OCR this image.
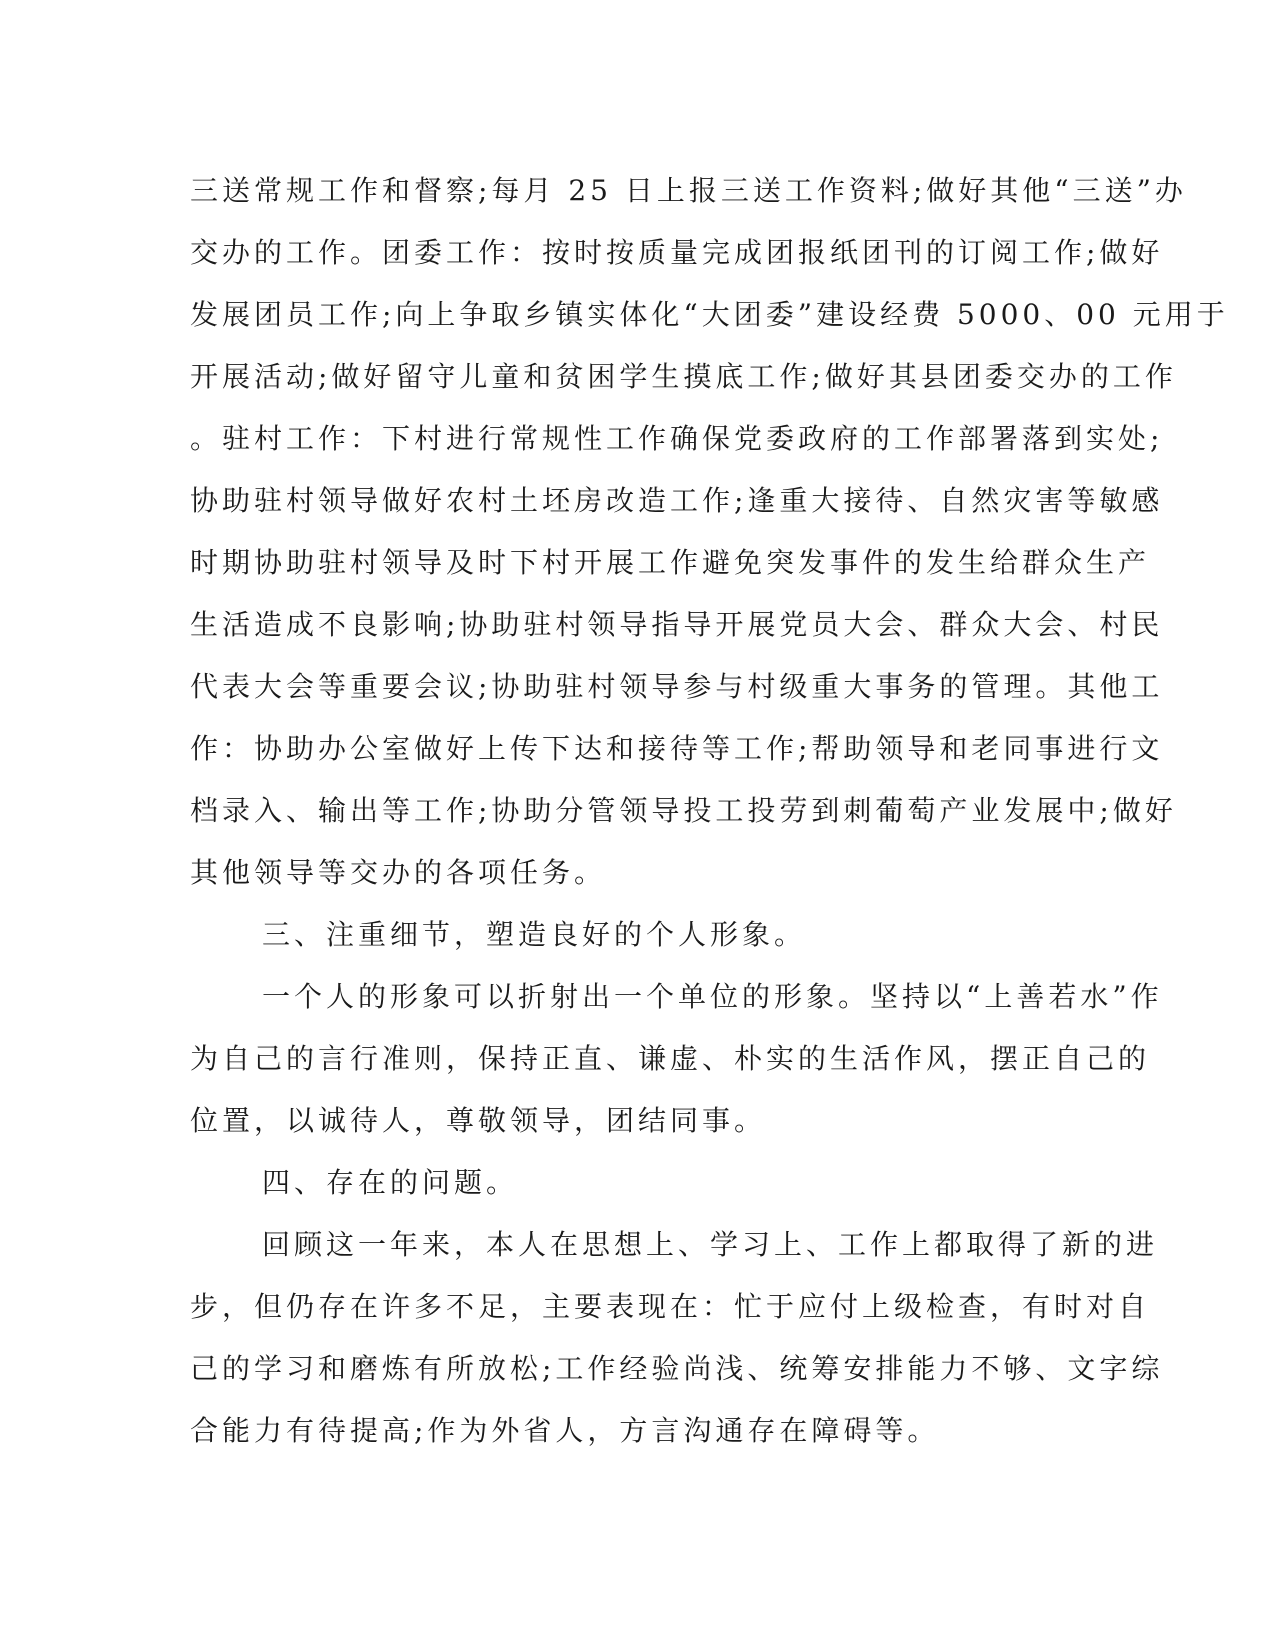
三送常规工作和督察;每月 25 日上报三送工作资料;做好其他“三送”办
交办的工作。团委工作：按时按质量完成团报纸团刊的订阅工作;做好
发展团员工作;向上争取乡镇实体化“大团委”建设经费 5000、00 元用于
开展活动;做好留守儿童和贫困学生摸底工作;做好其县团委交办的工作
。驻村工作：下村进行常规性工作确保党委政府的工作部署落到实处;
协助驻村领导做好农村土坯房改造工作;逢重大接待、自然灾害等敏感
时期协助驻村领导及时下村开展工作避免突发事件的发生给群众生产
生活造成不良影响;协助驻村领导指导开展党员大会、群众大会、村民
代表大会等重要会议;协助驻村领导参与村级重大事务的管理。其他工
作：协助办公室做好上传下达和接待等工作;帮助领导和老同事进行文
档录入、输出等工作;协助分管领导投工投劳到刺葡萄产业发展中;做好
其他领导等交办的各项任务。
三、注重细节，塑造良好的个人形象。
一个人的形象可以折射出一个单位的形象。坚持以“上善若水”作
为自己的言行准则，保持正直、谦虚、朴实的生活作风，摆正自己的
位置，以诚待人，尊敬领导，团结同事。
四、存在的问题。
回顾这一年来，本人在思想上、学习上、工作上都取得了新的进
步，但仍存在许多不足，主要表现在：忙于应付上级检查，有时对自
己的学习和磨炼有所放松;工作经验尚浅、统筹安排能力不够、文字综
合能力有待提高;作为外省人，方言沟通存在障碍等。
